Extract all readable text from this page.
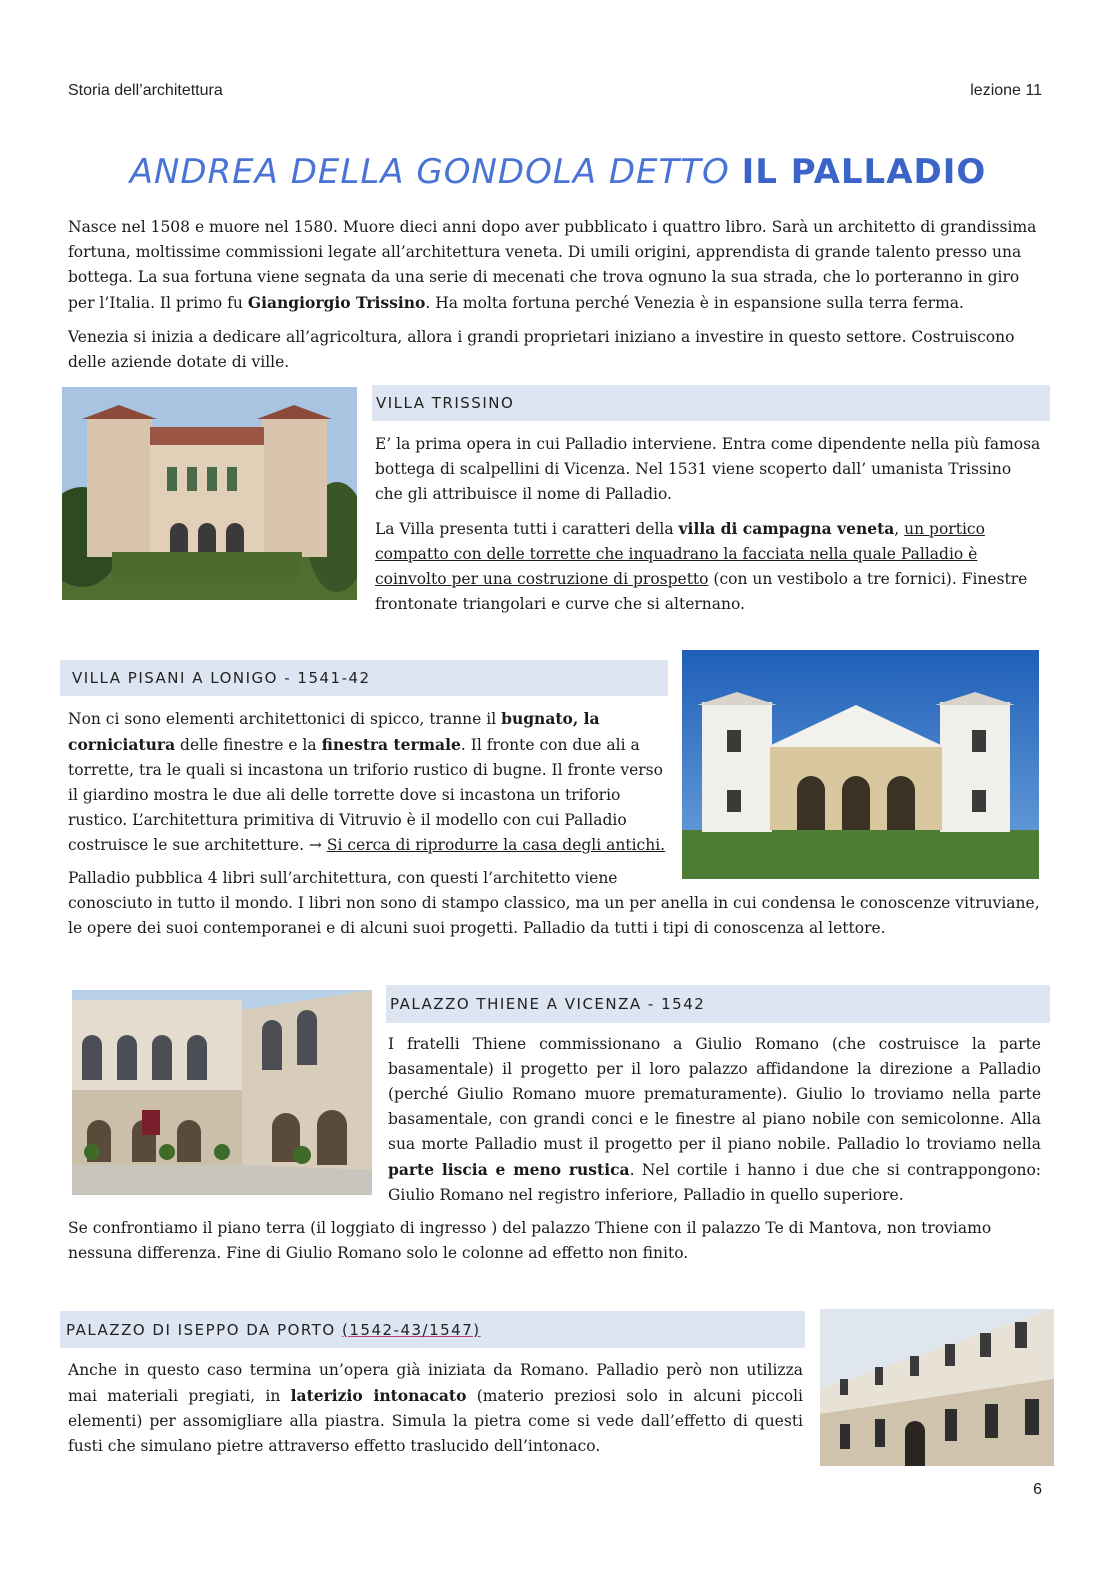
Storia dell’architettura	lezione 11
ANDREA DELLA GONDOLA DETTO IL PALLADIO

Nasce nel 1508 e muore nel 1580. Muore dieci anni dopo aver pubblicato i quattro libro. Sarà un architetto di grandissima fortuna, moltissime commissioni legate all’architettura veneta. Di umili origini, apprendista di grande talento presso una bottega. La sua fortuna viene segnata da una serie di mecenati che trova ognuno la sua strada, che lo porteranno in giro per l’Italia. Il primo fu Giangiorgio Trissino. Ha molta fortuna perché Venezia è in espansione sulla terra ferma.

Venezia si inizia a dedicare all’agricoltura, allora i grandi proprietari iniziano a investire in questo settore. Costruiscono delle aziende dotate di ville.

VILLA TRISSINO

E’ la prima opera in cui Palladio interviene. Entra come dipendente nella più famosa bottega di scalpellini di Vicenza. Nel 1531 viene scoperto dall’ umanista Trissino che gli attribuisce il nome di Palladio.

La Villa presenta tutti i caratteri della villa di campagna veneta, un portico compatto con delle torrette che inquadrano la facciata nella quale Palladio è coinvolto per una costruzione di prospetto (con un vestibolo a tre fornici). Finestre frontonate triangolari e curve che si alternano.

VILLA PISANI A LONIGO - 1541-42

Non ci sono elementi architettonici di spicco, tranne il bugnato, la corniciatura delle finestre e la finestra termale. Il fronte con due ali a torrette, tra le quali si incastona un triforio rustico di bugne. Il fronte verso il giardino mostra le due ali delle torrette dove si incastona un triforio rustico. L’architettura primitiva di Vitruvio è il modello con cui Palladio costruisce le sue architetture. → Si cerca di riprodurre la casa degli antichi.

Palladio pubblica 4 libri sull’architettura, con questi l’architetto viene

conosciuto in tutto il mondo. I libri non sono di stampo classico, ma un per anella in cui condensa le conoscenze vitruviane, le opere dei suoi contemporanei e di alcuni suoi progetti. Palladio da tutti i tipi di conoscenza al lettore.

PALAZZO THIENE A VICENZA - 1542

I fratelli Thiene commissionano a Giulio Romano (che costruisce la parte basamentale) il progetto per il loro palazzo affidandone la direzione a Palladio (perché Giulio Romano muore prematuramente). Giulio lo troviamo nella parte basamentale, con grandi conci e le finestre al piano nobile con semicolonne. Alla sua morte Palladio must il progetto per il piano nobile. Palladio lo troviamo nella parte liscia e meno rustica. Nel cortile i hanno i due che si contrappongono: Giulio Romano nel registro inferiore, Palladio in quello superiore.

Se confrontiamo il piano terra (il loggiato di ingresso ) del palazzo Thiene con il palazzo Te di Mantova, non troviamo nessuna differenza. Fine di Giulio Romano solo le colonne ad effetto non finito.

PALAZZO DI ISEPPO DA PORTO (1542-43/1547)

Anche in questo caso termina un’opera già iniziata da Romano. Palladio però non utilizza mai materiali pregiati, in laterizio intonacato (materio preziosi solo in alcuni piccoli elementi) per assomigliare alla piastra. Simula la pietra come si vede dall’effetto di questi fusti che simulano pietre attraverso effetto traslucido dell’intonaco.

6
